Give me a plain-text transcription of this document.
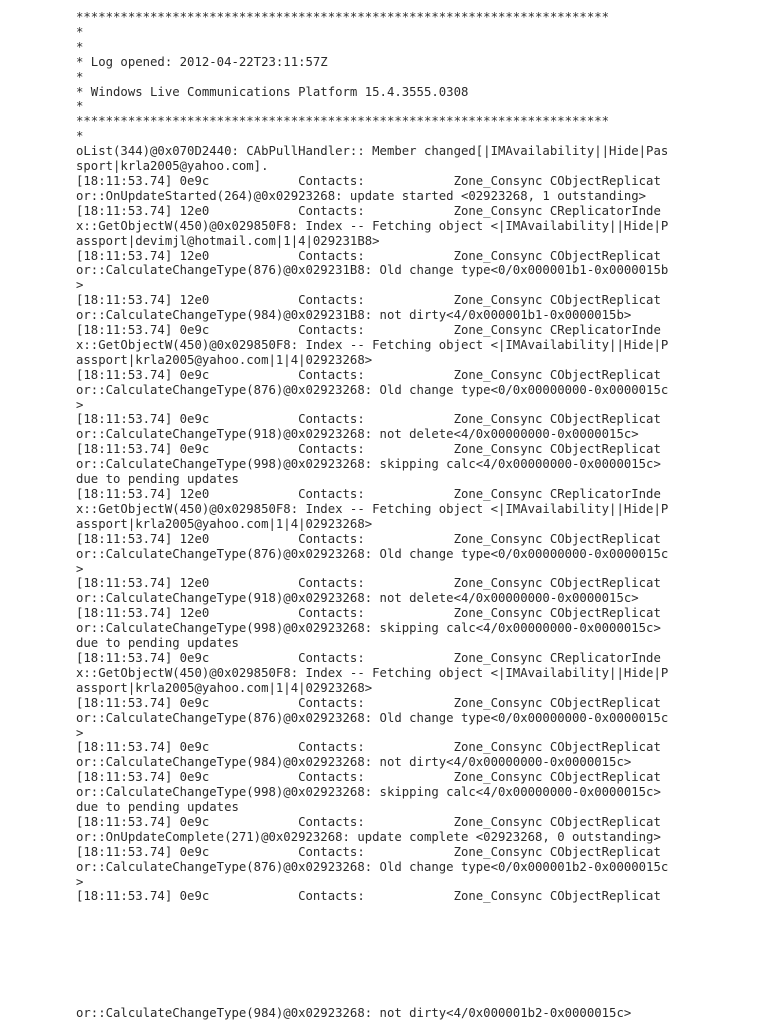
************************************************************************
*
*
* Log opened: 2012-04-22T23:11:57Z
*
* Windows Live Communications Platform 15.4.3555.0308
*
************************************************************************
*
oList(344)@0x070D2440: CAbPullHandler:: Member changed[|IMAvailability||Hide|Pas
sport|krla2005@yahoo.com].
[18:11:53.74] 0e9c            Contacts:            Zone_Consync CObjectReplicat
or::OnUpdateStarted(264)@0x02923268: update started <02923268, 1 outstanding>
[18:11:53.74] 12e0            Contacts:            Zone_Consync CReplicatorInde
x::GetObjectW(450)@0x029850F8: Index -- Fetching object <|IMAvailability||Hide|P
assport|devimjl@hotmail.com|1|4|029231B8>
[18:11:53.74] 12e0            Contacts:            Zone_Consync CObjectReplicat
or::CalculateChangeType(876)@0x029231B8: Old change type<0/0x000001b1-0x0000015b
>
[18:11:53.74] 12e0            Contacts:            Zone_Consync CObjectReplicat
or::CalculateChangeType(984)@0x029231B8: not dirty<4/0x000001b1-0x0000015b>
[18:11:53.74] 0e9c            Contacts:            Zone_Consync CReplicatorInde
x::GetObjectW(450)@0x029850F8: Index -- Fetching object <|IMAvailability||Hide|P
assport|krla2005@yahoo.com|1|4|02923268>
[18:11:53.74] 0e9c            Contacts:            Zone_Consync CObjectReplicat
or::CalculateChangeType(876)@0x02923268: Old change type<0/0x00000000-0x0000015c
>
[18:11:53.74] 0e9c            Contacts:            Zone_Consync CObjectReplicat
or::CalculateChangeType(918)@0x02923268: not delete<4/0x00000000-0x0000015c>
[18:11:53.74] 0e9c            Contacts:            Zone_Consync CObjectReplicat
or::CalculateChangeType(998)@0x02923268: skipping calc<4/0x00000000-0x0000015c>
due to pending updates
[18:11:53.74] 12e0            Contacts:            Zone_Consync CReplicatorInde
x::GetObjectW(450)@0x029850F8: Index -- Fetching object <|IMAvailability||Hide|P
assport|krla2005@yahoo.com|1|4|02923268>
[18:11:53.74] 12e0            Contacts:            Zone_Consync CObjectReplicat
or::CalculateChangeType(876)@0x02923268: Old change type<0/0x00000000-0x0000015c
>
[18:11:53.74] 12e0            Contacts:            Zone_Consync CObjectReplicat
or::CalculateChangeType(918)@0x02923268: not delete<4/0x00000000-0x0000015c>
[18:11:53.74] 12e0            Contacts:            Zone_Consync CObjectReplicat
or::CalculateChangeType(998)@0x02923268: skipping calc<4/0x00000000-0x0000015c>
due to pending updates
[18:11:53.74] 0e9c            Contacts:            Zone_Consync CReplicatorInde
x::GetObjectW(450)@0x029850F8: Index -- Fetching object <|IMAvailability||Hide|P
assport|krla2005@yahoo.com|1|4|02923268>
[18:11:53.74] 0e9c            Contacts:            Zone_Consync CObjectReplicat
or::CalculateChangeType(876)@0x02923268: Old change type<0/0x00000000-0x0000015c
>
[18:11:53.74] 0e9c            Contacts:            Zone_Consync CObjectReplicat
or::CalculateChangeType(984)@0x02923268: not dirty<4/0x00000000-0x0000015c>
[18:11:53.74] 0e9c            Contacts:            Zone_Consync CObjectReplicat
or::CalculateChangeType(998)@0x02923268: skipping calc<4/0x00000000-0x0000015c>
due to pending updates
[18:11:53.74] 0e9c            Contacts:            Zone_Consync CObjectReplicat
or::OnUpdateComplete(271)@0x02923268: update complete <02923268, 0 outstanding>
[18:11:53.74] 0e9c            Contacts:            Zone_Consync CObjectReplicat
or::CalculateChangeType(876)@0x02923268: Old change type<0/0x000001b2-0x0000015c
>
[18:11:53.74] 0e9c            Contacts:            Zone_Consync CObjectReplicat
or::CalculateChangeType(984)@0x02923268: not dirty<4/0x000001b2-0x0000015c>
